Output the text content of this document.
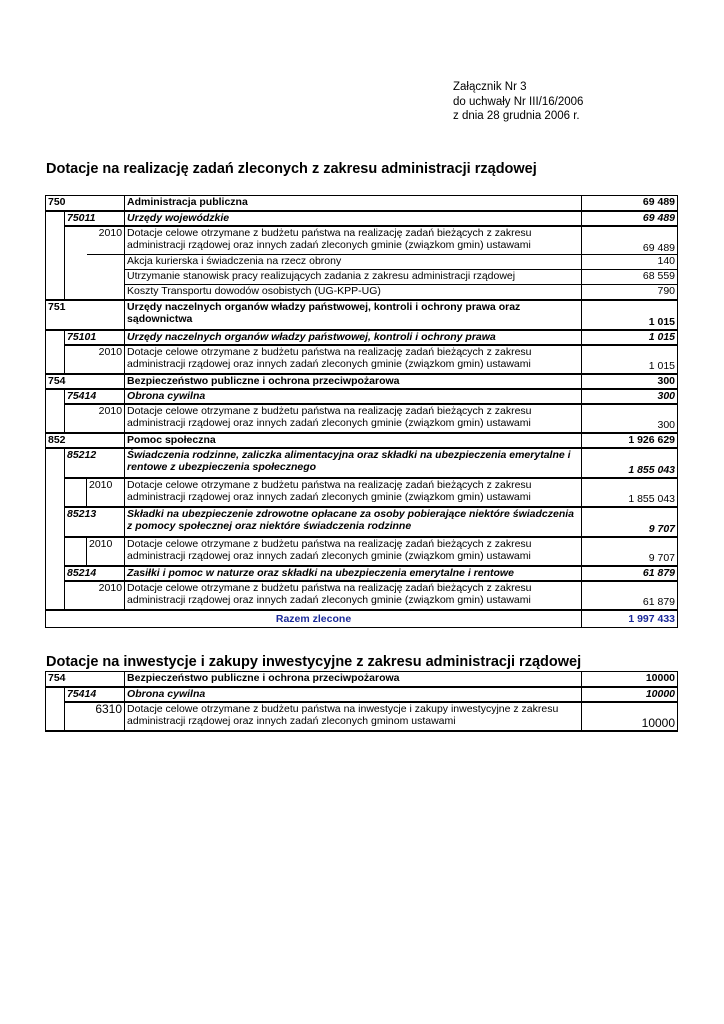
Załącznik Nr 3
do uchwały Nr III/16/2006
z dnia 28 grudnia 2006 r.
Dotacje na realizację zadań zleconych z zakresu administracji rządowej
750			Administracja publiczna	69 489
	75011		Urzędy wojewódzkie	69 489
		2010	Dotacje celowe otrzymane z budżetu państwa na realizację zadań bieżących z zakresu administracji rządowej oraz innych zadań zleconych gminie (związkom gmin) ustawami	69 489
			Akcja kurierska i świadczenia na rzecz obrony	140
			Utrzymanie stanowisk pracy realizujących zadania z zakresu administracji rządowej	68 559
			Koszty Transportu dowodów osobistych (UG-KPP-UG)	790
751			Urzędy naczelnych organów władzy państwowej, kontroli i ochrony prawa oraz sądownictwa	1 015
	75101		Urzędy naczelnych organów władzy państwowej, kontroli i ochrony prawa	1 015
		2010	Dotacje celowe otrzymane z budżetu państwa na realizację zadań bieżących z zakresu administracji rządowej oraz innych zadań zleconych gminie (związkom gmin) ustawami	1 015
754			Bezpieczeństwo publiczne i ochrona przeciwpożarowa	300
	75414		Obrona cywilna	300
		2010	Dotacje celowe otrzymane z budżetu państwa na realizację zadań bieżących z zakresu administracji rządowej oraz innych zadań zleconych gminie (związkom gmin) ustawami	300
852			Pomoc społeczna	1 926 629
	85212		Świadczenia rodzinne, zaliczka alimentacyjna oraz składki na ubezpieczenia emerytalne i rentowe z ubezpieczenia społecznego	1 855 043
		2010	Dotacje celowe otrzymane z budżetu państwa na realizację zadań bieżących z zakresu administracji rządowej oraz innych zadań zleconych gminie (związkom gmin) ustawami	1 855 043
	85213		Składki na ubezpieczenie zdrowotne opłacane za osoby pobierające niektóre świadczenia z pomocy społecznej oraz niektóre świadczenia rodzinne	9 707
		2010	Dotacje celowe otrzymane z budżetu państwa na realizację zadań bieżących z zakresu administracji rządowej oraz innych zadań zleconych gminie (związkom gmin) ustawami	9 707
	85214		Zasiłki i pomoc w naturze oraz składki na ubezpieczenia emerytalne i rentowe	61 879
		2010	Dotacje celowe otrzymane z budżetu państwa na realizację zadań bieżących z zakresu administracji rządowej oraz innych zadań zleconych gminie (związkom gmin) ustawami	61 879
Razem zlecone				1 997 433
Dotacje na inwestycje i zakupy inwestycyjne z zakresu administracji rządowej
754			Bezpieczeństwo publiczne i ochrona przeciwpożarowa	10000
	75414		Obrona cywilna	10000
		6310	Dotacje celowe otrzymane z budżetu państwa na inwestycje i zakupy inwestycyjne z zakresu administracji rządowej oraz innych zadań zleconych gminom ustawami	10000
